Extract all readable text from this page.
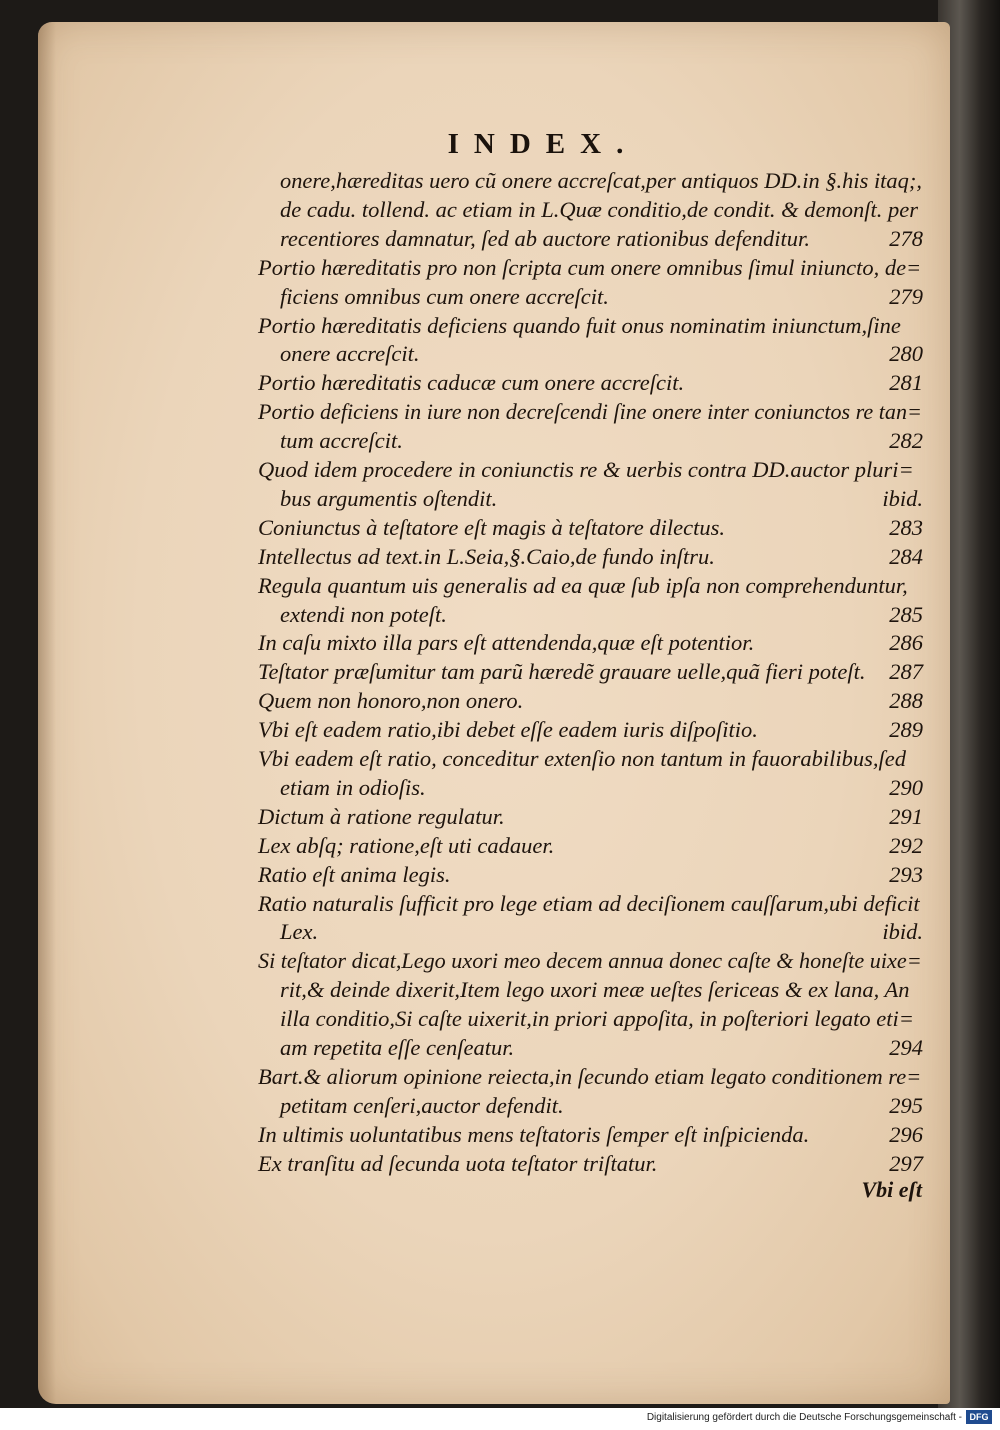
INDEX.
onere,hæreditas uero cũ onere accreſcat,per antiquos DD.in §.his itaq;,
de cadu. tollend. ac etiam in L.Quæ conditio,de condit. & demonſt. per
recentiores damnatur, ſed ab auctore rationibus defenditur.	278
Portio hæreditatis pro non ſcripta cum onere omnibus ſimul iniuncto, de=
ficiens omnibus cum onere accreſcit.	279
Portio hæreditatis deficiens quando fuit onus nominatim iniunctum,ſine
onere accreſcit.	280
Portio hæreditatis caducæ cum onere accreſcit.	281
Portio deficiens in iure non decreſcendi ſine onere inter coniunctos re tan=
tum accreſcit.	282
Quod idem procedere in coniunctis re & uerbis contra DD.auctor pluri=
bus argumentis oſtendit.	ibid.
Coniunctus à teſtatore eſt magis à teſtatore dilectus.	283
Intellectus ad text.in L.Seia,§.Caio,de fundo inſtru.	284
Regula quantum uis generalis ad ea quæ ſub ipſa non comprehenduntur,
extendi non poteſt.	285
In caſu mixto illa pars eſt attendenda,quæ eſt potentior.	286
Teſtator præſumitur tam parũ hæredẽ grauare uelle,quã fieri poteſt. 287
Quem non honoro,non onero.	288
Vbi eſt eadem ratio,ibi debet eſſe eadem iuris diſpoſitio.	289
Vbi eadem eſt ratio, conceditur extenſio non tantum in fauorabilibus,ſed
etiam in odioſis.	290
Dictum à ratione regulatur.	291
Lex abſq; ratione,eſt uti cadauer.	292
Ratio eſt anima legis.	293
Ratio naturalis ſufficit pro lege etiam ad deciſionem cauſſarum,ubi deficit
Lex.	ibid.
Si teſtator dicat,Lego uxori meo decem annua donec caſte & honeſte uixe=
rit,& deinde dixerit,Item lego uxori meæ ueſtes ſericeas & ex lana, An
illa conditio,Si caſte uixerit,in priori appoſita, in poſteriori legato eti=
am repetita eſſe cenſeatur.	294
Bart.& aliorum opinione reiecta,in ſecundo etiam legato conditionem re=
petitam cenſeri,auctor defendit.	295
In ultimis uoluntatibus mens teſtatoris ſemper eſt inſpicienda.	296
Ex tranſitu ad ſecunda uota teſtator triſtatur.	297
Vbi eſt
Digitalisierung gefördert durch die Deutsche Forschungsgemeinschaft - DFG
